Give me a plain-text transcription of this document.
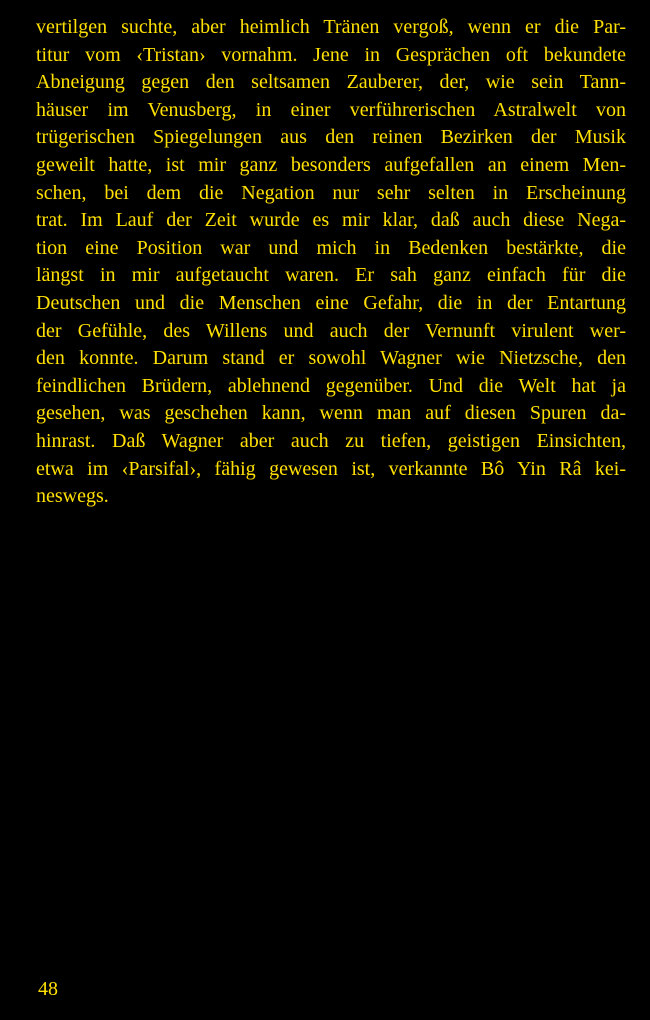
vertilgen suchte, aber heimlich Tränen vergoß, wenn er die Par-
titur vom ‹Tristan› vornahm. Jene in Gesprächen oft bekundete
Abneigung gegen den seltsamen Zauberer, der, wie sein Tann-
häuser im Venusberg, in einer verführerischen Astralwelt von
trügerischen Spiegelungen aus den reinen Bezirken der Musik
geweilt hatte, ist mir ganz besonders aufgefallen an einem Men-
schen, bei dem die Negation nur sehr selten in Erscheinung
trat. Im Lauf der Zeit wurde es mir klar, daß auch diese Nega-
tion eine Position war und mich in Bedenken bestärkte, die
längst in mir aufgetaucht waren. Er sah ganz einfach für die
Deutschen und die Menschen eine Gefahr, die in der Entartung
der Gefühle, des Willens und auch der Vernunft virulent wer-
den konnte. Darum stand er sowohl Wagner wie Nietzsche, den
feindlichen Brüdern, ablehnend gegenüber. Und die Welt hat ja
gesehen, was geschehen kann, wenn man auf diesen Spuren da-
hinrast. Daß Wagner aber auch zu tiefen, geistigen Einsichten,
etwa im ‹Parsifal›, fähig gewesen ist, verkannte Bô Yin Râ kei-
neswegs.
48
